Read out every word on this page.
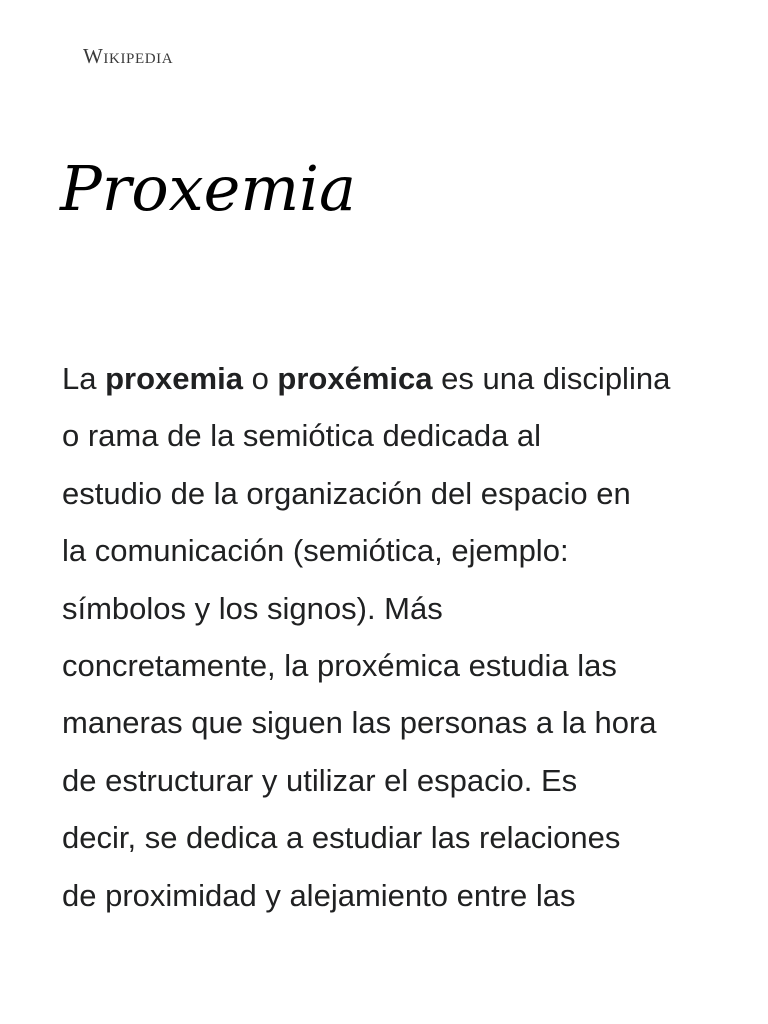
Wikipedia
Proxemia

La proxemia o proxémica es una disciplina
o rama de la semiótica dedicada al
estudio de la organización del espacio en
la comunicación (semiótica, ejemplo:
símbolos y los signos). Más
concretamente, la proxémica estudia las
maneras que siguen las personas a la hora
de estructurar y utilizar el espacio. Es
decir, se dedica a estudiar las relaciones
de proximidad y alejamiento entre las
